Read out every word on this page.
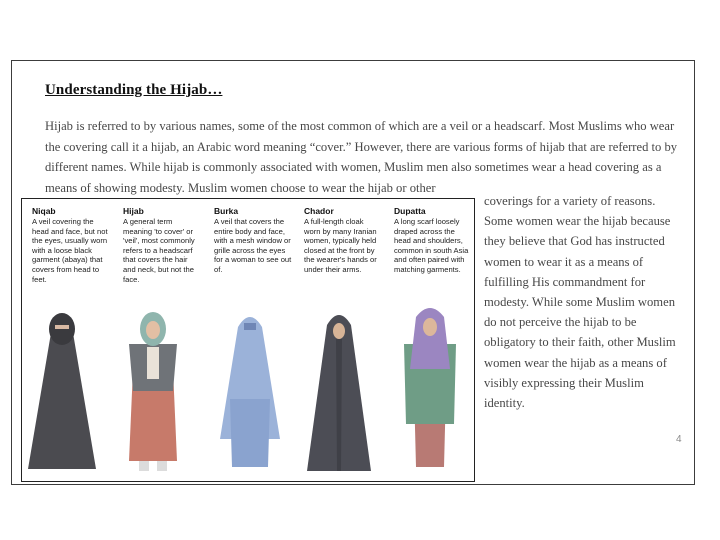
Understanding the Hijab…
Hijab is referred to by various names, some of the most common of which are a veil or a headscarf. Most Muslims who wear the covering call it a hijab, an Arabic word meaning “cover.” However, there are various forms of hijab that are referred to by different names. While hijab is commonly associated with women, Muslim men also sometimes wear a head covering as a means of showing modesty. Muslim women choose to wear the hijab or other
coverings for a variety of reasons. Some women wear the hijab because they believe that God has instructed women to wear it as a means of fulfilling His commandment for modesty. While some Muslim women do not perceive the hijab to be obligatory to their faith, other Muslim women wear the hijab as a means of visibly expressing their Muslim identity.
4
Niqab
A veil covering the head and face, but not the eyes, usually worn with a loose black garment (abaya) that covers from head to feet.
Hijab
A general term meaning 'to cover' or 'veil', most commonly refers to a headscarf that covers the hair and neck, but not the face.
Burka
A veil that covers the entire body and face, with a mesh window or grille across the eyes for a woman to see out of.
Chador
A full-length cloak worn by many Iranian women, typically held closed at the front by the wearer's hands or under their arms.
Dupatta
A long scarf loosely draped across the head and shoulders, common in south Asia and often paired with matching garments.
